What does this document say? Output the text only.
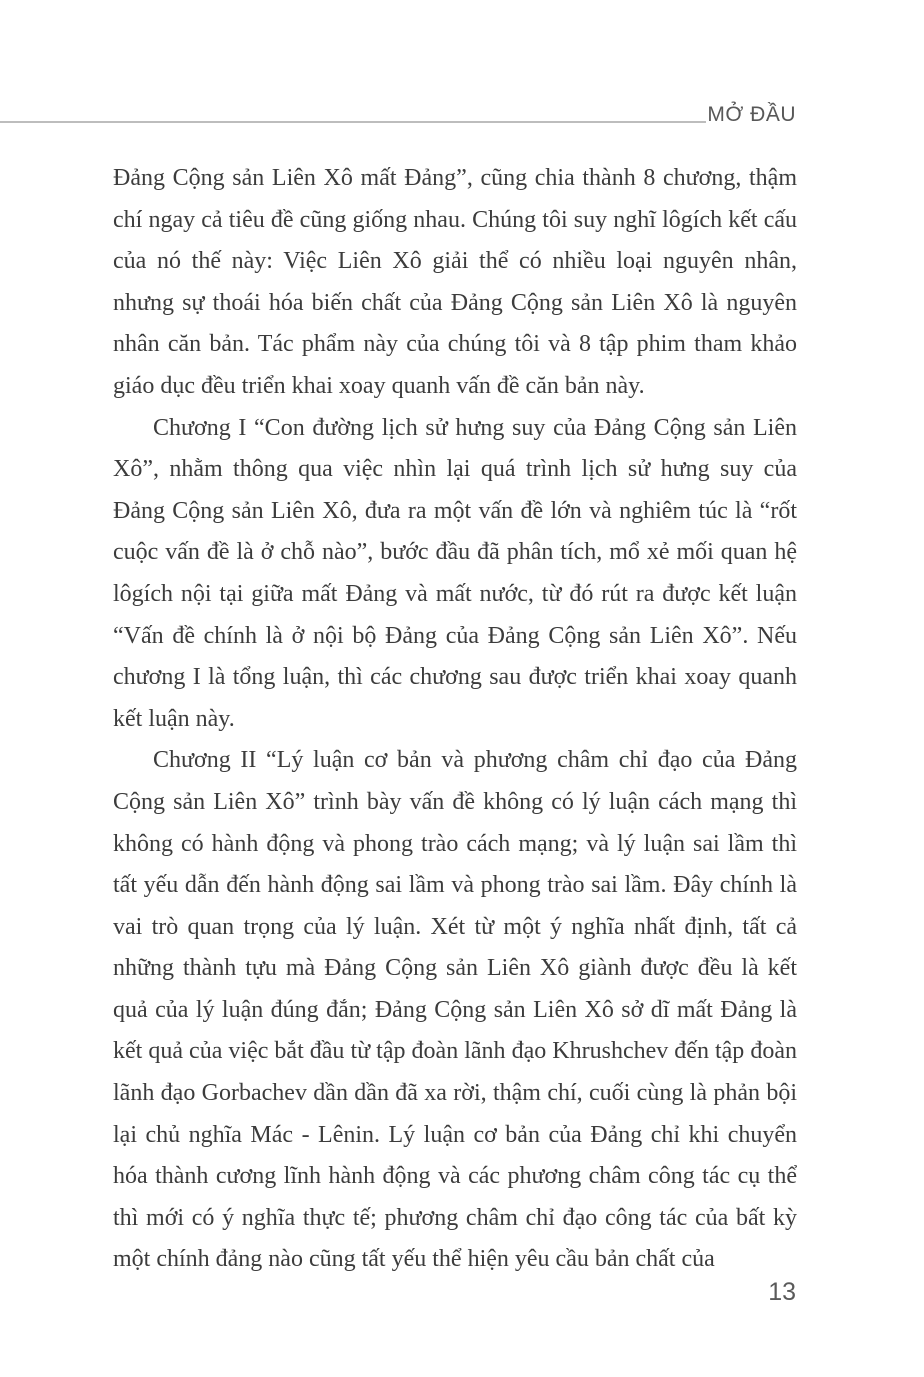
MỞ ĐẦU

Đảng Cộng sản Liên Xô mất Đảng”, cũng chia thành 8 chương, thậm chí ngay cả tiêu đề cũng giống nhau. Chúng tôi suy nghĩ lôgích kết cấu của nó thế này: Việc Liên Xô giải thể có nhiều loại nguyên nhân, nhưng sự thoái hóa biến chất của Đảng Cộng sản Liên Xô là nguyên nhân căn bản. Tác phẩm này của chúng tôi và 8 tập phim tham khảo giáo dục đều triển khai xoay quanh vấn đề căn bản này.

Chương I “Con đường lịch sử hưng suy của Đảng Cộng sản Liên Xô”, nhằm thông qua việc nhìn lại quá trình lịch sử hưng suy của Đảng Cộng sản Liên Xô, đưa ra một vấn đề lớn và nghiêm túc là “rốt cuộc vấn đề là ở chỗ nào”, bước đầu đã phân tích, mổ xẻ mối quan hệ lôgích nội tại giữa mất Đảng và mất nước, từ đó rút ra được kết luận “Vấn đề chính là ở nội bộ Đảng của Đảng Cộng sản Liên Xô”. Nếu chương I là tổng luận, thì các chương sau được triển khai xoay quanh kết luận này.

Chương II “Lý luận cơ bản và phương châm chỉ đạo của Đảng Cộng sản Liên Xô” trình bày vấn đề không có lý luận cách mạng thì không có hành động và phong trào cách mạng; và lý luận sai lầm thì tất yếu dẫn đến hành động sai lầm và phong trào sai lầm. Đây chính là vai trò quan trọng của lý luận. Xét từ một ý nghĩa nhất định, tất cả những thành tựu mà Đảng Cộng sản Liên Xô giành được đều là kết quả của lý luận đúng đắn; Đảng Cộng sản Liên Xô sở dĩ mất Đảng là kết quả của việc bắt đầu từ tập đoàn lãnh đạo Khrushchev đến tập đoàn lãnh đạo Gorbachev dần dần đã xa rời, thậm chí, cuối cùng là phản bội lại chủ nghĩa Mác - Lênin. Lý luận cơ bản của Đảng chỉ khi chuyển hóa thành cương lĩnh hành động và các phương châm công tác cụ thể thì mới có ý nghĩa thực tế; phương châm chỉ đạo công tác của bất kỳ một chính đảng nào cũng tất yếu thể hiện yêu cầu bản chất của

13
